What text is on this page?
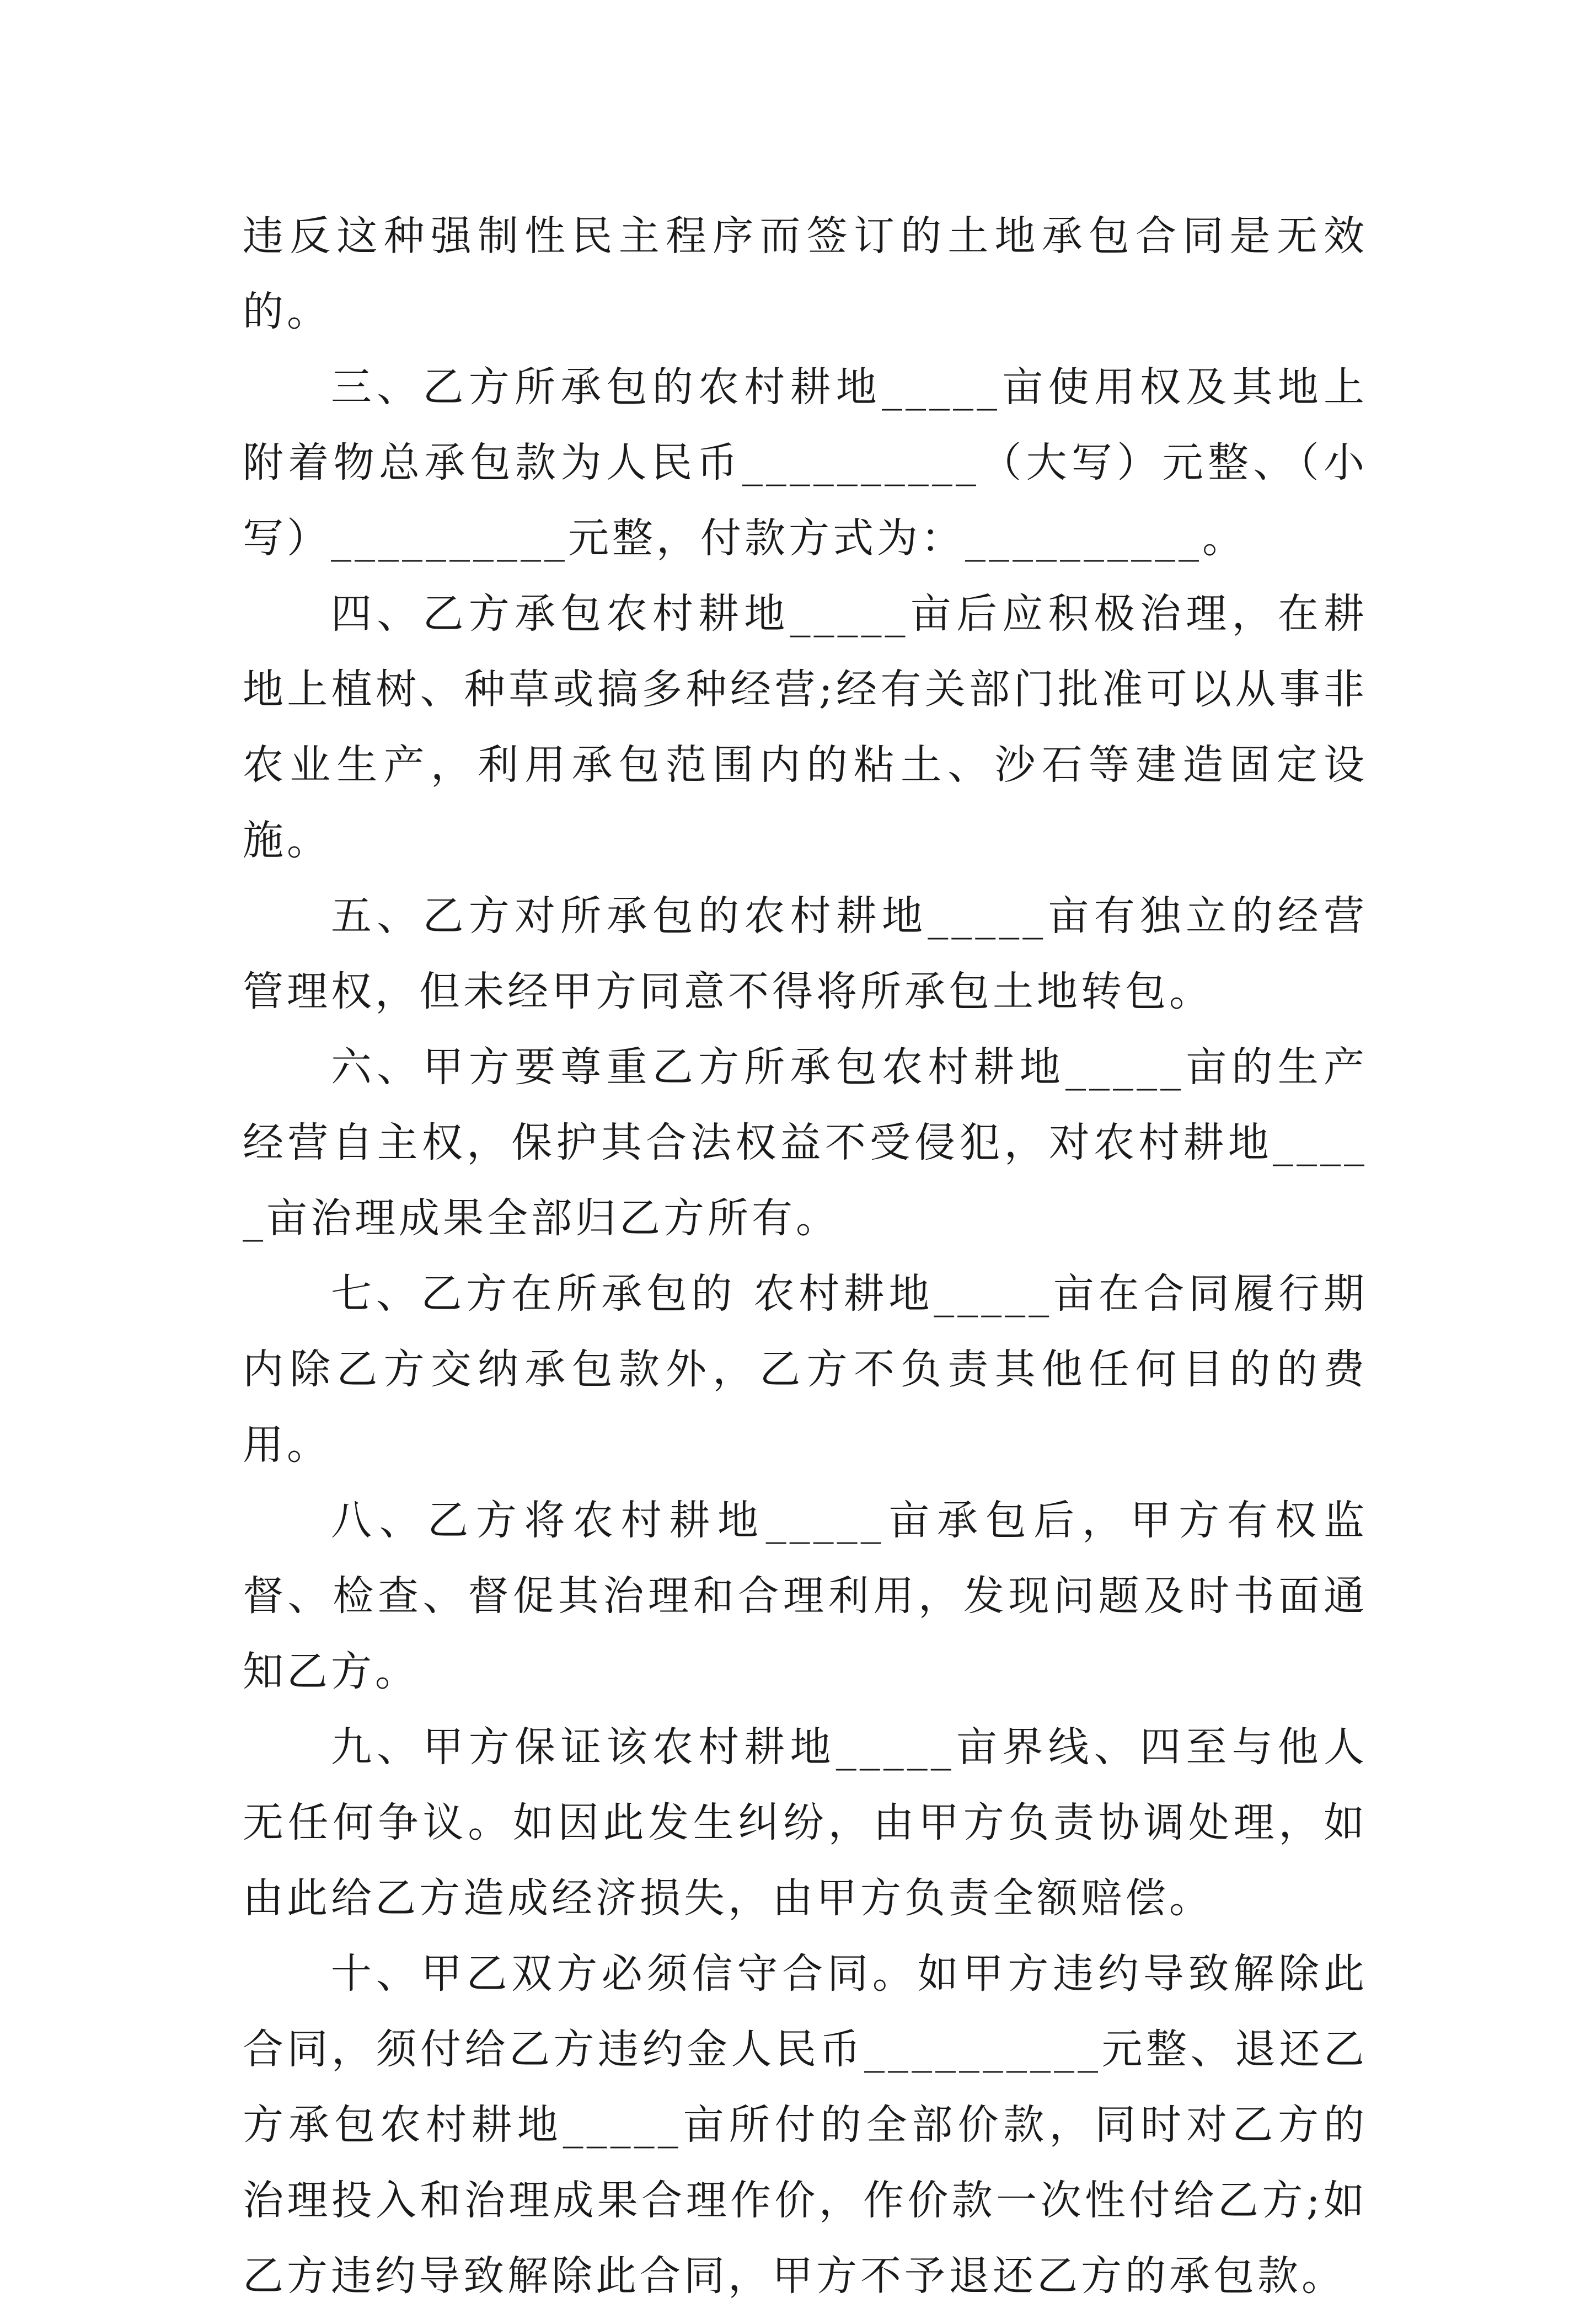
违反这种强制性民主程序而签订的土地承包合同是无效的。

三、乙方所承包的农村耕地_____亩使用权及其地上附着物总承包款为人民币__________（大写）元整、（小写）__________元整，付款方式为：__________。

四、乙方承包农村耕地_____亩后应积极治理，在耕地上植树、种草或搞多种经营;经有关部门批准可以从事非农业生产，利用承包范围内的粘土、沙石等建造固定设施。

五、乙方对所承包的农村耕地_____亩有独立的经营管理权，但未经甲方同意不得将所承包土地转包。

六、甲方要尊重乙方所承包农村耕地_____亩的生产经营自主权，保护其合法权益不受侵犯，对农村耕地_____亩治理成果全部归乙方所有。

七、乙方在所承包的 农村耕地_____亩在合同履行期内除乙方交纳承包款外，乙方不负责其他任何目的的费用。

八、乙方将农村耕地_____亩承包后，甲方有权监督、检查、督促其治理和合理利用，发现问题及时书面通知乙方。

九、甲方保证该农村耕地_____亩界线、四至与他人无任何争议。如因此发生纠纷，由甲方负责协调处理，如由此给乙方造成经济损失，由甲方负责全额赔偿。

十、甲乙双方必须信守合同。如甲方违约导致解除此合同，须付给乙方违约金人民币__________元整、退还乙方承包农村耕地_____亩所付的全部价款，同时对乙方的治理投入和治理成果合理作价，作价款一次性付给乙方;如乙方违约导致解除此合同，甲方不予退还乙方的承包款。
